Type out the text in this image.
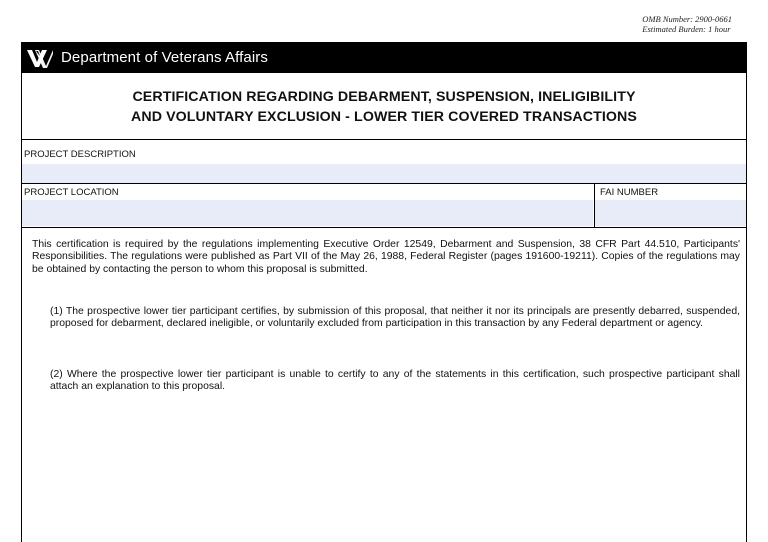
OMB Number: 2900-0661
Estimated Burden: 1 hour
Department of Veterans Affairs
CERTIFICATION REGARDING DEBARMENT, SUSPENSION, INELIGIBILITY
AND VOLUNTARY EXCLUSION - LOWER TIER COVERED TRANSACTIONS
PROJECT DESCRIPTION
PROJECT LOCATION	FAI NUMBER
This certification is required by the regulations implementing Executive Order 12549, Debarment and Suspension, 38 CFR Part 44.510, Participants' Responsibilities. The regulations were published as Part VII of the May 26, 1988, Federal Register (pages 191600-19211). Copies of the regulations may be obtained by contacting the person to whom this proposal is submitted.
(1) The prospective lower tier participant certifies, by submission of this proposal, that neither it nor its principals are presently debarred, suspended, proposed for debarment, declared ineligible, or voluntarily excluded from participation in this transaction by any Federal department or agency.
(2) Where the prospective lower tier participant is unable to certify to any of the statements in this certification, such prospective participant shall attach an explanation to this proposal.
